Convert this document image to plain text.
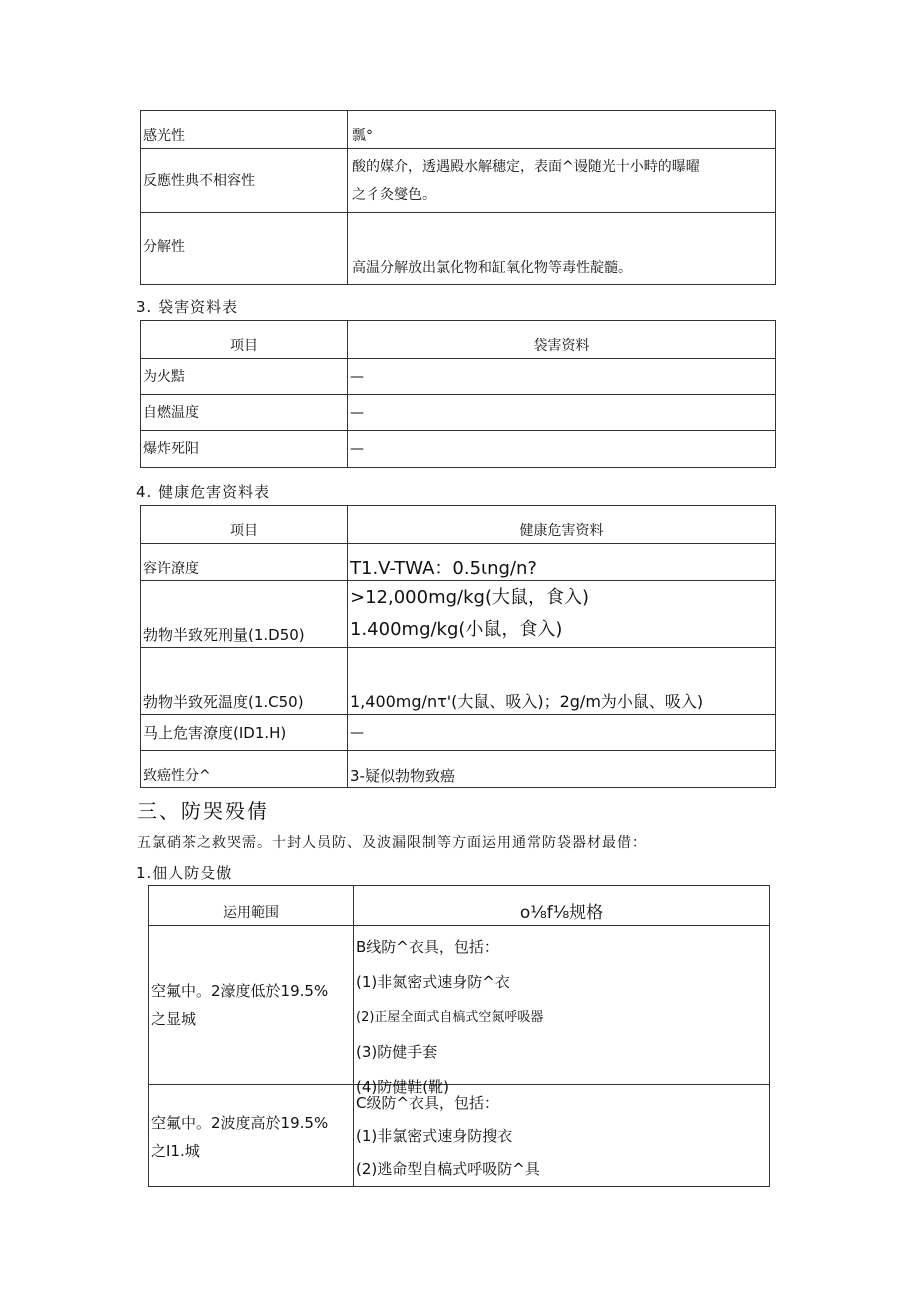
感光性	瓢°
反應性典不相容性	酸的媒介，透遇殿水解穗定，表面^谩随光十小畤的曝曜
之彳灸燮色。

分解性	高温分解放出氯化物和缸氧化物等毒性靛髓。
3. 袋害资料表
项目	袋害资料
为火黠	—
自燃温度	—
爆炸死阳	—
4. 健康危害资料表
项目	健康危害资料
容许潦度	T1.V-TWA：0.5ιng∕n?
勃物半致死刑量(1.D50)	>12,000mg∕kg(大鼠，食入)
1.400mg∕kg(小鼠，食入)

勃物半致死温度(1.C50)	1,400mg∕nτ'(大鼠、吸入)；2g∕m为小鼠、吸入)
马上危害潦度(ID1.H)	—
致癌性分^	3-疑似勃物致癌
三、防哭殁倩
五氯硝茶之救哭需。十封人员防、及波漏限制等方面运用通常防袋器材最借：
1.佃人防殳傲
运用範围	o⅛f⅛规格

空氟中。2濠度低於19.5%
之显城	B线防^衣具，包括：
(1)非氮密式速身防^衣
(2)正屋全面式自槁式空氮呼吸器
(3)防健手套
(4)防健鞋(靴)

空氟中。2波度高於19.5%
之I1.城	C级防^衣具，包括：
(1)非氯密式速身防搜衣
(2)逃命型自槁式呼吸防^具
